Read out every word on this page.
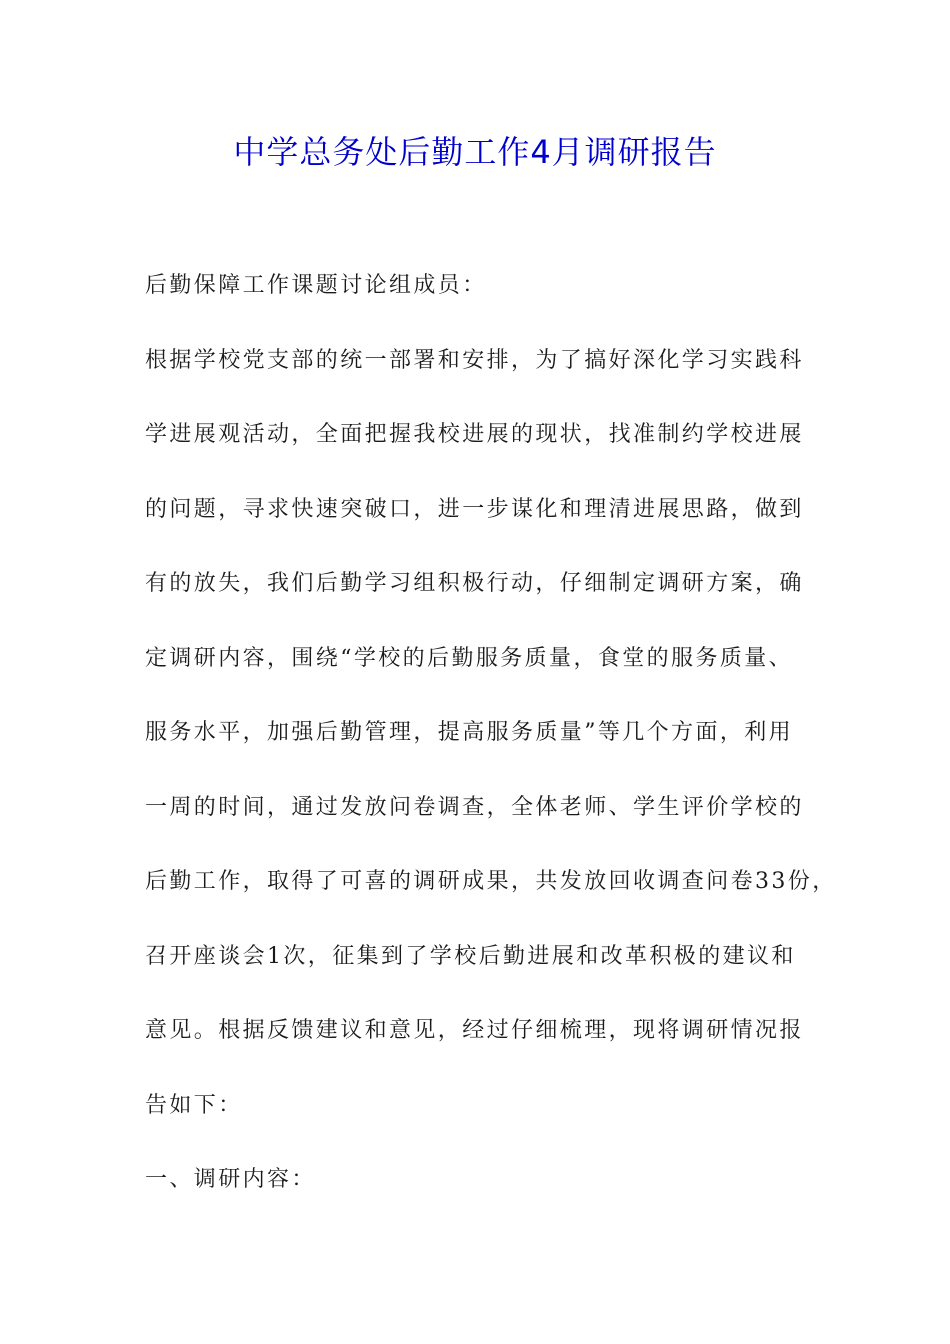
中学总务处后勤工作4月调研报告
后勤保障工作课题讨论组成员：
根据学校党支部的统一部署和安排，为了搞好深化学习实践科
学进展观活动，全面把握我校进展的现状，找准制约学校进展
的问题，寻求快速突破口，进一步谋化和理清进展思路，做到
有的放失，我们后勤学习组积极行动，仔细制定调研方案，确
定调研内容，围绕“学校的后勤服务质量，食堂的服务质量、
服务水平，加强后勤管理，提高服务质量”等几个方面，利用
一周的时间，通过发放问卷调查，全体老师、学生评价学校的
后勤工作，取得了可喜的调研成果，共发放回收调查问卷33份，
召开座谈会1次，征集到了学校后勤进展和改革积极的建议和
意见。根据反馈建议和意见，经过仔细梳理，现将调研情况报
告如下：
一、调研内容：
